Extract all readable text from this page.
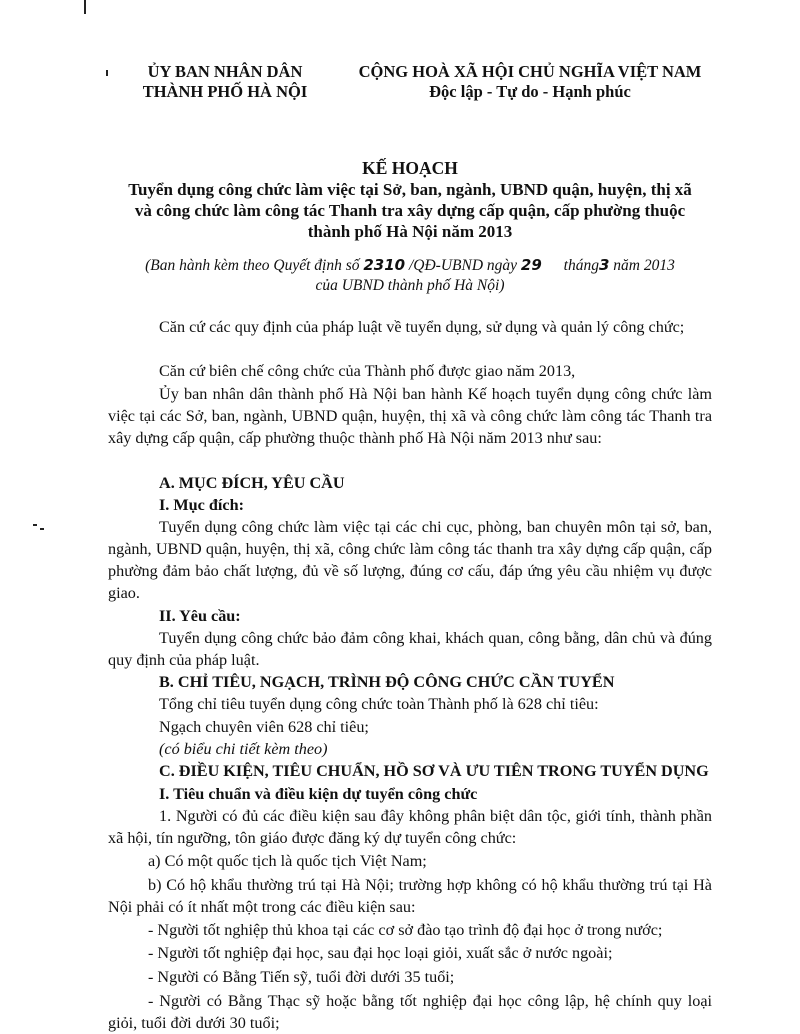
ỦY BAN NHÂN DÂN
THÀNH PHỐ HÀ NỘI
CỘNG HOÀ XÃ HỘI CHỦ NGHĨA VIỆT NAM
Độc lập - Tự do - Hạnh phúc
KẾ HOẠCH
Tuyển dụng công chức làm việc tại Sở, ban, ngành, UBND quận, huyện, thị xã
và công chức làm công tác Thanh tra xây dựng cấp quận, cấp phường thuộc
thành phố Hà Nội năm 2013
(Ban hành kèm theo Quyết định số 2310 /QĐ-UBND ngày 29 tháng3 năm 2013
của UBND thành phố Hà Nội)
Căn cứ các quy định của pháp luật về tuyển dụng, sử dụng và quản lý công chức;
Căn cứ biên chế công chức của Thành phố được giao năm 2013,
Ủy ban nhân dân thành phố Hà Nội ban hành Kế hoạch tuyển dụng công chức làm việc tại các Sở, ban, ngành, UBND quận, huyện, thị xã và công chức làm công tác Thanh tra xây dựng cấp quận, cấp phường thuộc thành phố Hà Nội năm 2013 như sau:
A. MỤC ĐÍCH, YÊU CẦU
I. Mục đích:
Tuyển dụng công chức làm việc tại các chi cục, phòng, ban chuyên môn tại sở, ban, ngành, UBND quận, huyện, thị xã, công chức làm công tác thanh tra xây dựng cấp quận, cấp phường đảm bảo chất lượng, đủ về số lượng, đúng cơ cấu, đáp ứng yêu cầu nhiệm vụ được giao.
II. Yêu cầu:
Tuyển dụng công chức bảo đảm công khai, khách quan, công bằng, dân chủ và đúng quy định của pháp luật.
B. CHỈ TIÊU, NGẠCH, TRÌNH ĐỘ CÔNG CHỨC CẦN TUYỂN
Tổng chỉ tiêu tuyển dụng công chức toàn Thành phố là 628 chỉ tiêu:
Ngạch chuyên viên 628 chỉ tiêu;
(có biểu chi tiết kèm theo)
C. ĐIỀU KIỆN, TIÊU CHUẨN, HỒ SƠ VÀ ƯU TIÊN TRONG TUYỂN DỤNG
I. Tiêu chuẩn và điều kiện dự tuyển công chức
1. Người có đủ các điều kiện sau đây không phân biệt dân tộc, giới tính, thành phần xã hội, tín ngưỡng, tôn giáo được đăng ký dự tuyển công chức:
a) Có một quốc tịch là quốc tịch Việt Nam;
b) Có hộ khẩu thường trú tại Hà Nội; trường hợp không có hộ khẩu thường trú tại Hà Nội phải có ít nhất một trong các điều kiện sau:
- Người tốt nghiệp thủ khoa tại các cơ sở đào tạo trình độ đại học ở trong nước;
- Người tốt nghiệp đại học, sau đại học loại giỏi, xuất sắc ở nước ngoài;
- Người có Bằng Tiến sỹ, tuổi đời dưới 35 tuổi;
- Người có Bằng Thạc sỹ hoặc bằng tốt nghiệp đại học công lập, hệ chính quy loại giỏi, tuổi đời dưới 30 tuổi;
